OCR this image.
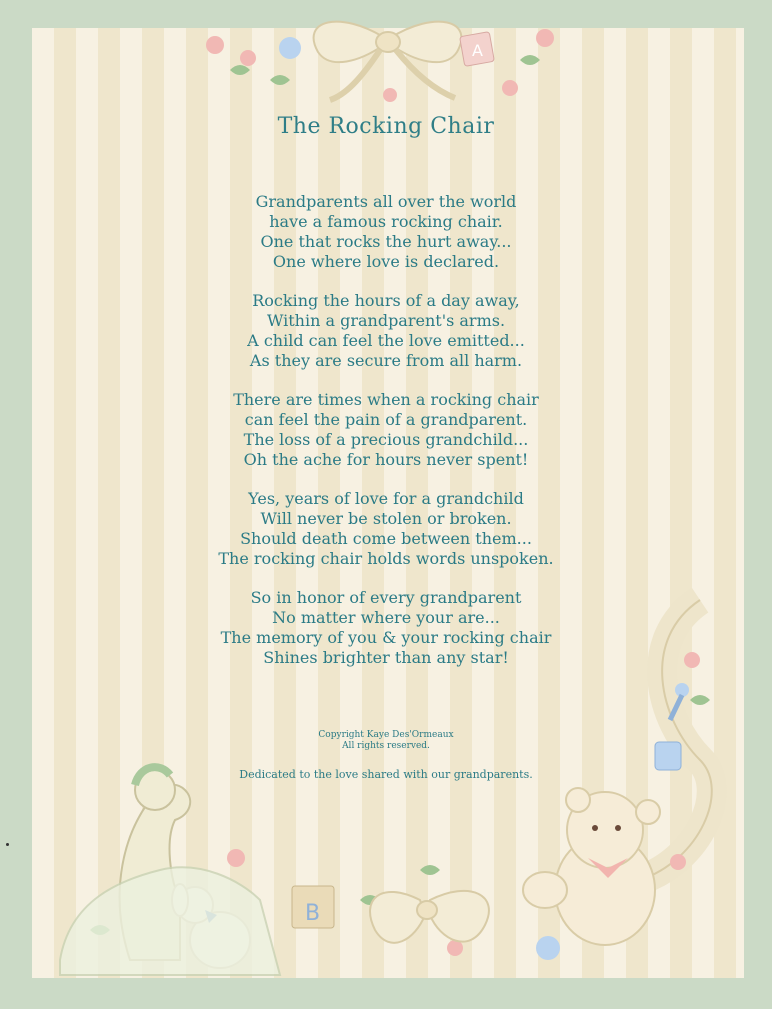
A
B
The Rocking Chair
Grandparents all over the world
have a famous rocking chair.
One that rocks the hurt away...
One where love is declared.
Rocking the hours of a day away,
Within a grandparent's arms.
A child can feel the love emitted...
As they are secure from all harm.
There are times when a rocking chair
can feel the pain of a grandparent.
The loss of a precious grandchild...
Oh the ache for hours never spent!
Yes, years of love for a grandchild
Will never be stolen or broken.
Should death come between them...
The rocking chair holds words unspoken.
So in honor of every grandparent
No matter where your are...
The memory of you & your rocking chair
Shines brighter than any star!
Copyright Kaye Des'Ormeaux
All rights reserved.
Dedicated to the love shared with our grandparents.
